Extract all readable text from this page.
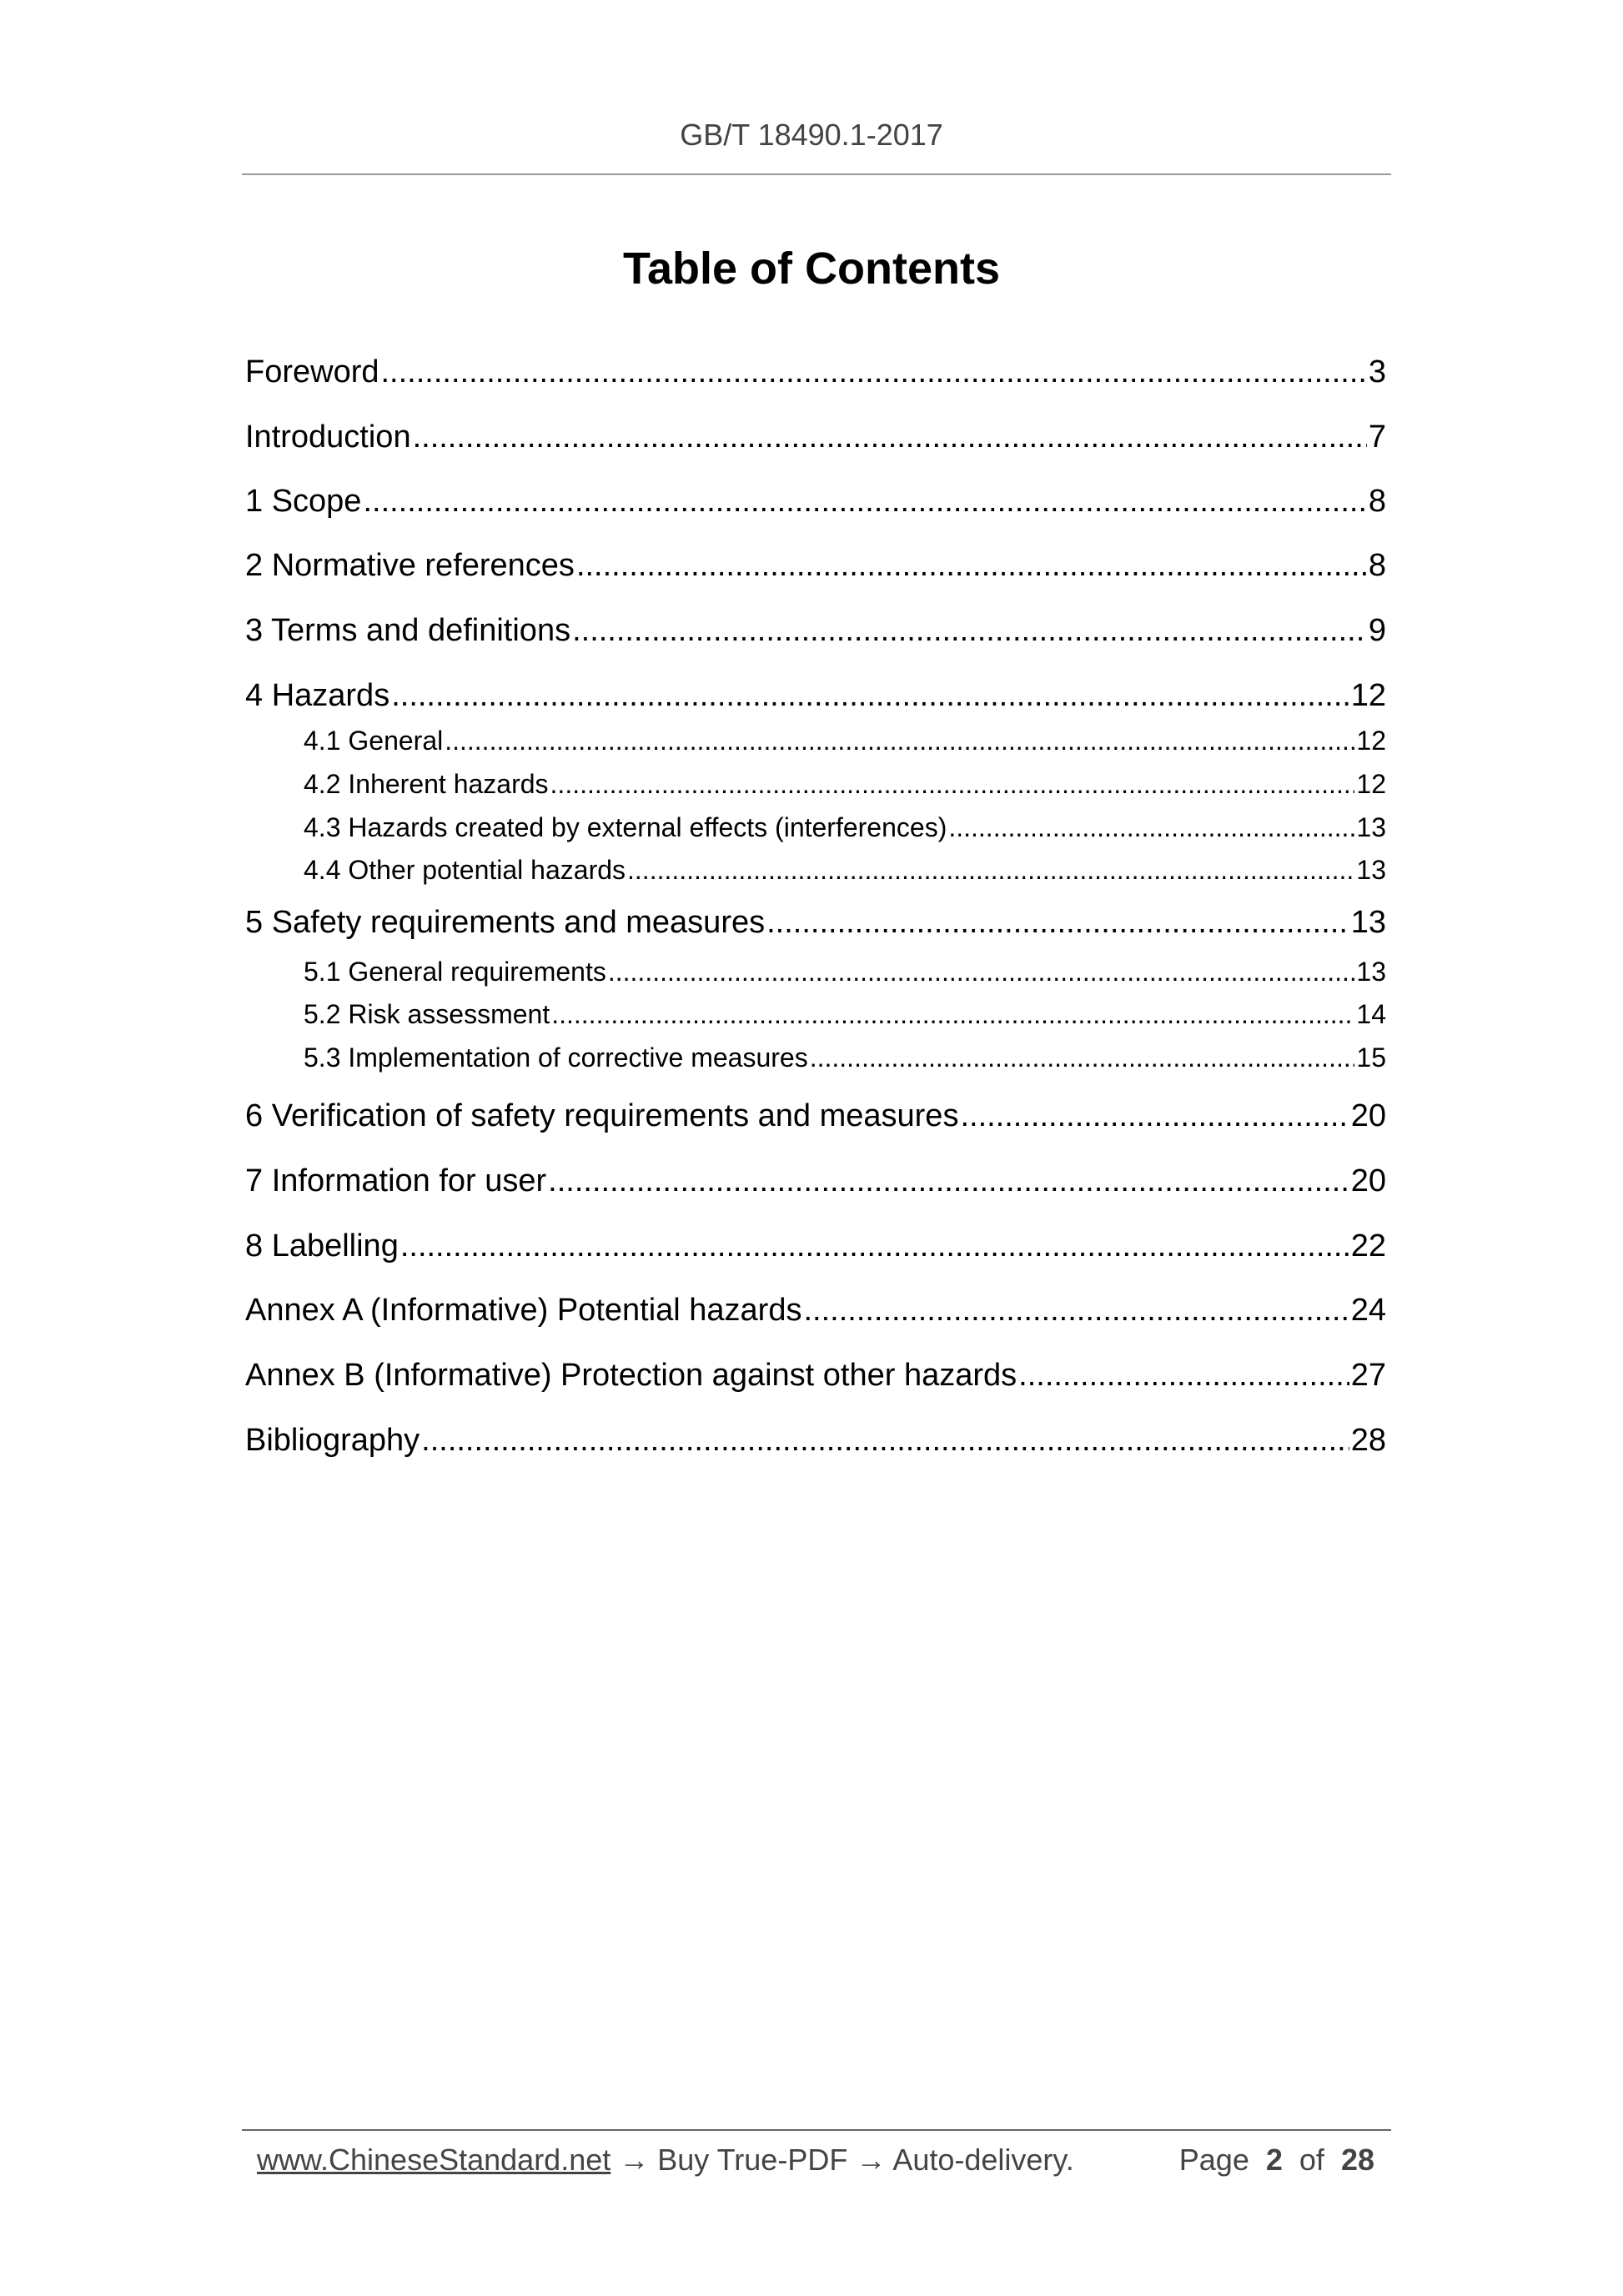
GB/T 18490.1-2017
Table of Contents
Foreword .....	3
Introduction .....	7
1 Scope .....	8
2 Normative references .....	8
3 Terms and definitions .....	9
4 Hazards .....	12
4.1 General .....	12
4.2 Inherent hazards .....	12
4.3 Hazards created by external effects (interferences) .....	13
4.4 Other potential hazards .....	13
5 Safety requirements and measures .....	13
5.1 General requirements .....	13
5.2 Risk assessment .....	14
5.3 Implementation of corrective measures .....	15
6 Verification of safety requirements and measures .....	20
7 Information for user .....	20
8 Labelling .....	22
Annex A (Informative) Potential hazards .....	24
Annex B (Informative) Protection against other hazards .....	27
Bibliography .....	28
www.ChineseStandard.net → Buy True-PDF → Auto-delivery.	Page 2 of 28
